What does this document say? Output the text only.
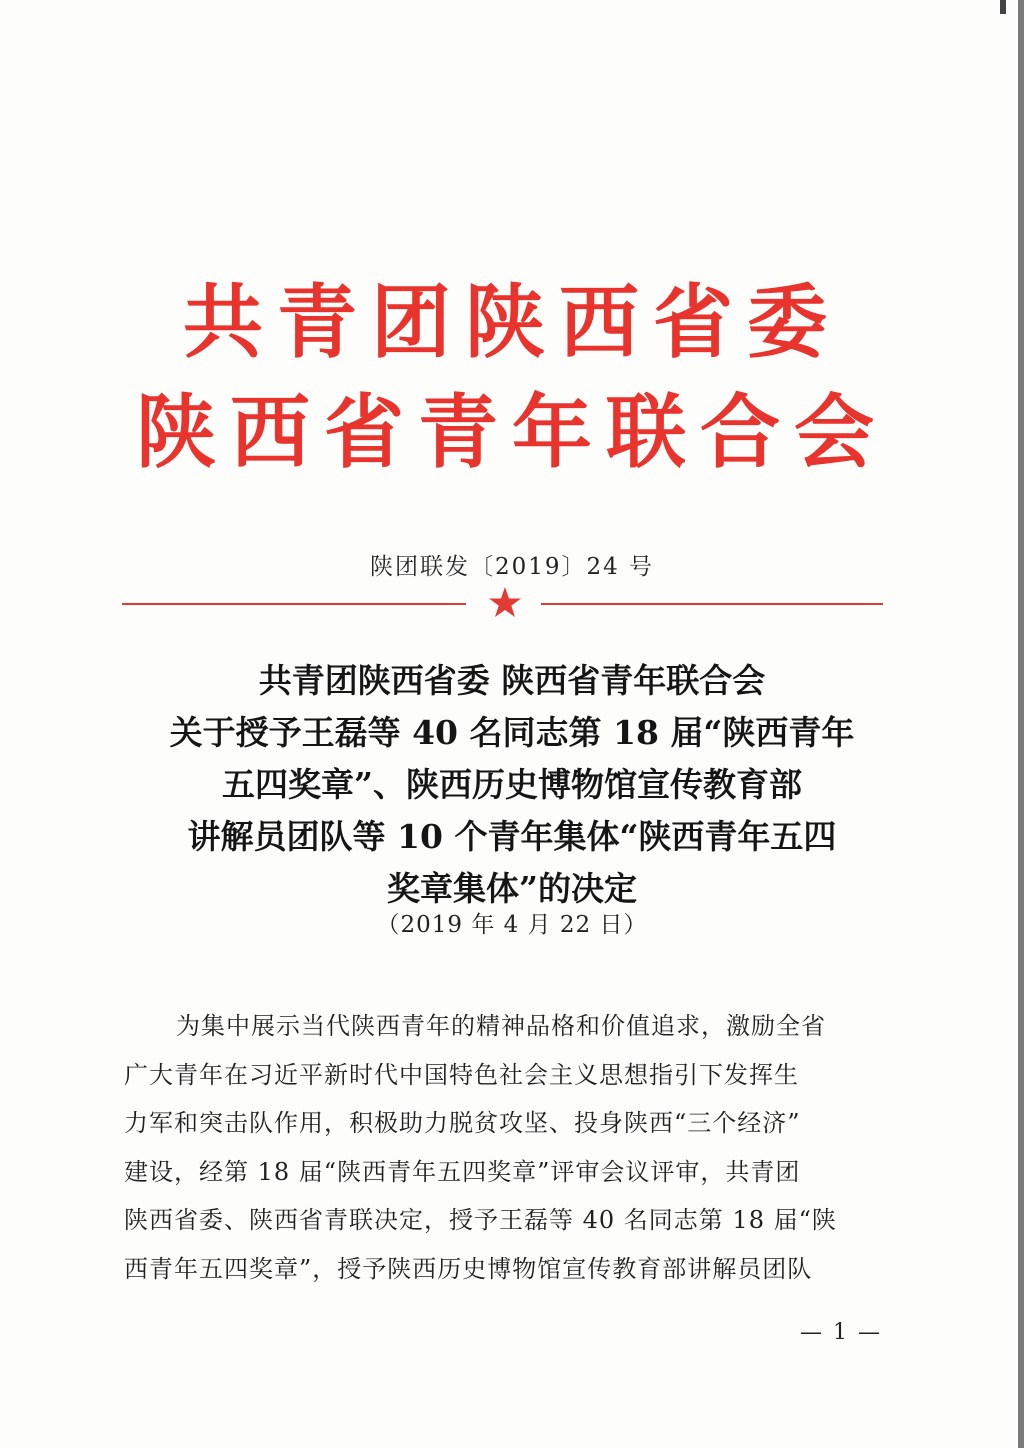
共青团陕西省委
陕西省青年联合会
陕团联发〔2019〕24 号
共青团陕西省委 陕西省青年联合会
关于授予王磊等 40 名同志第 18 届“陕西青年
五四奖章”、陕西历史博物馆宣传教育部
讲解员团队等 10 个青年集体“陕西青年五四
奖章集体”的决定
（2019 年 4 月 22 日）
为集中展示当代陕西青年的精神品格和价值追求，激励全省
广大青年在习近平新时代中国特色社会主义思想指引下发挥生
力军和突击队作用，积极助力脱贫攻坚、投身陕西“三个经济”
建设，经第 18 届“陕西青年五四奖章”评审会议评审，共青团
陕西省委、陕西省青联决定，授予王磊等 40 名同志第 18 届“陕
西青年五四奖章”，授予陕西历史博物馆宣传教育部讲解员团队
— 1 —
